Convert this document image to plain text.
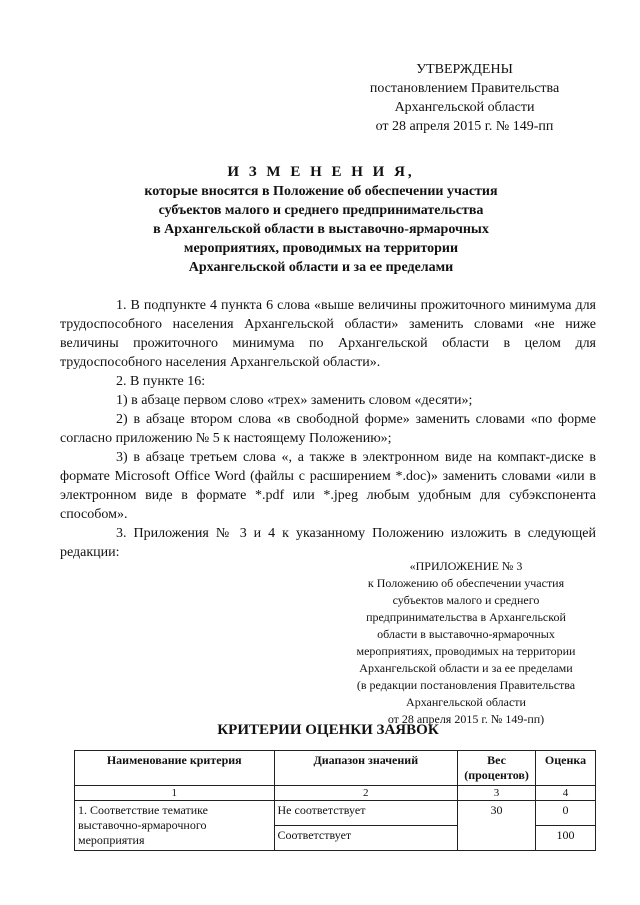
УТВЕРЖДЕНЫ
постановлением Правительства
Архангельской области
от 28 апреля 2015 г. № 149-пп
И З М Е Н Е Н И Я,
которые вносятся в Положение об обеспечении участия
субъектов малого и среднего предпринимательства
в Архангельской области в выставочно-ярмарочных
мероприятиях, проводимых на территории
Архангельской области и за ее пределами
1. В подпункте 4 пункта 6 слова «выше величины прожиточного минимума для трудоспособного населения Архангельской области» заменить словами «не ниже величины прожиточного минимума по Архангельской области в целом для трудоспособного населения Архангельской области».
2. В пункте 16:
1) в абзаце первом слово «трех» заменить словом «десяти»;
2) в абзаце втором слова «в свободной форме» заменить словами «по форме согласно приложению № 5 к настоящему Положению»;
3) в абзаце третьем слова «, а также в электронном виде на компакт-диске в формате Microsoft Office Word (файлы с расширением *.doc)» заменить словами «или в электронном виде в формате *.pdf или *.jpeg любым удобным для субэкспонента способом».
3. Приложения № 3 и 4 к указанному Положению изложить в следующей редакции:
«ПРИЛОЖЕНИЕ № 3
к Положению об обеспечении участия
субъектов малого и среднего
предпринимательства в Архангельской
области в выставочно-ярмарочных
мероприятиях, проводимых на территории
Архангельской области и за ее пределами
(в редакции постановления Правительства
Архангельской области
от 28 апреля 2015 г. № 149-пп)
КРИТЕРИИ ОЦЕНКИ ЗАЯВОК
Наименование критерия	Диапазон значений	Вес (процентов)	Оценка
1	2	3	4
1. Соответствие тематике выставочно-ярмарочного мероприятия	Не соответствует	30	0
	Соответствует		100
